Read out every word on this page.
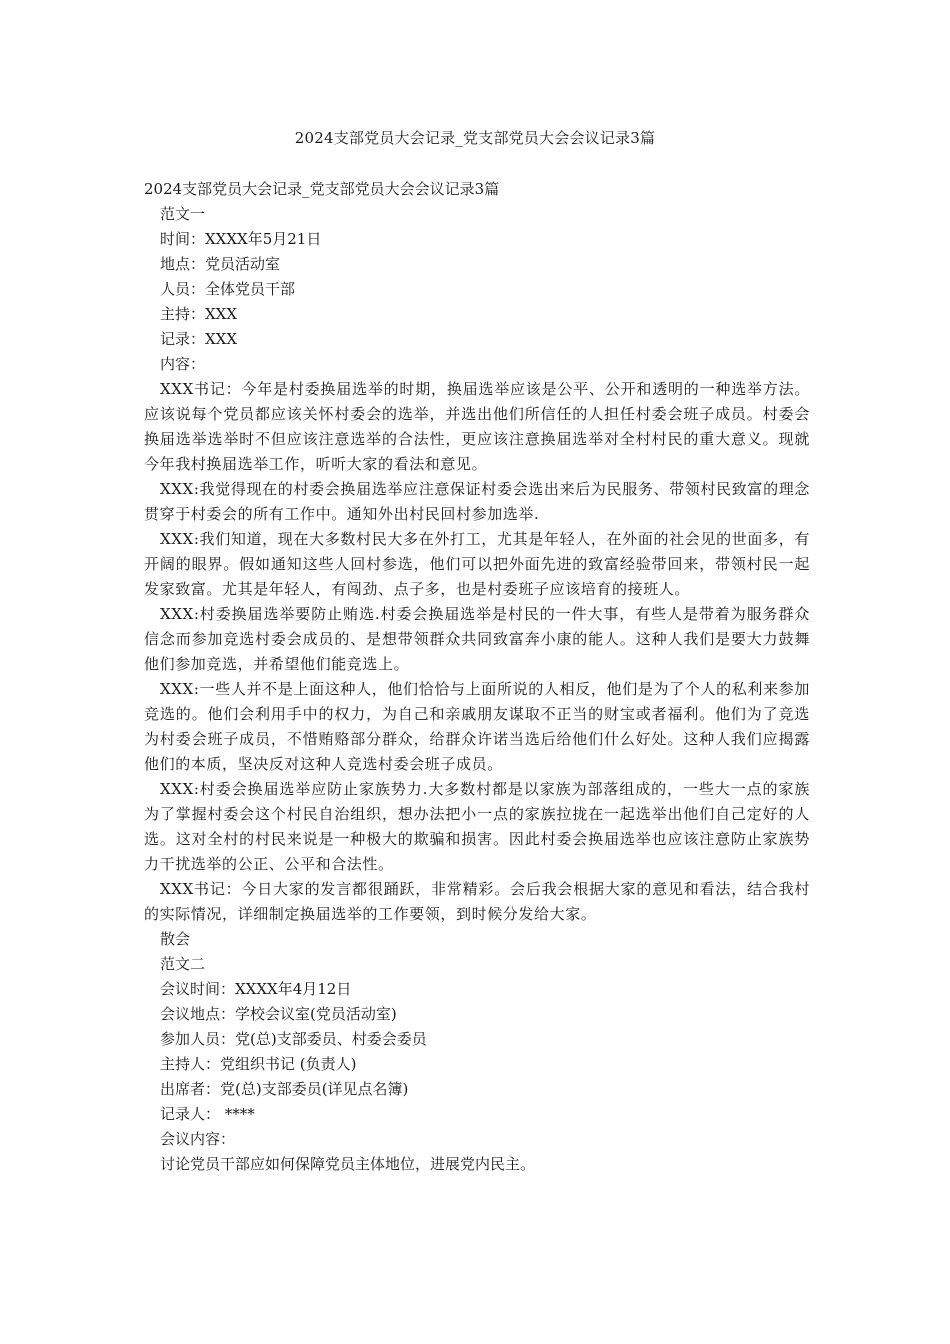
2024支部党员大会记录_党支部党员大会会议记录3篇
2024支部党员大会记录_党支部党员大会会议记录3篇
范文一
时间：XXXX年5月21日
地点：党员活动室
人员：全体党员干部
主持：XXX
记录：XXX
内容：
XXX书记：今年是村委换届选举的时期，换届选举应该是公平、公开和透明的一种选举方法。应该说每个党员都应该关怀村委会的选举，并选出他们所信任的人担任村委会班子成员。村委会换届选举选举时不但应该注意选举的合法性，更应该注意换届选举对全村村民的重大意义。现就今年我村换届选举工作，听听大家的看法和意见。
XXX:我觉得现在的村委会换届选举应注意保证村委会选出来后为民服务、带领村民致富的理念贯穿于村委会的所有工作中。通知外出村民回村参加选举.
XXX:我们知道，现在大多数村民大多在外打工，尤其是年轻人，在外面的社会见的世面多，有开阔的眼界。假如通知这些人回村参选，他们可以把外面先进的致富经验带回来，带领村民一起发家致富。尤其是年轻人，有闯劲、点子多，也是村委班子应该培育的接班人。
XXX:村委换届选举要防止贿选.村委会换届选举是村民的一件大事，有些人是带着为服务群众信念而参加竞选村委会成员的、是想带领群众共同致富奔小康的能人。这种人我们是要大力鼓舞他们参加竞选，并希望他们能竞选上。
XXX:一些人并不是上面这种人，他们恰恰与上面所说的人相反，他们是为了个人的私利来参加竞选的。他们会利用手中的权力，为自己和亲戚朋友谋取不正当的财宝或者福利。他们为了竞选为村委会班子成员，不惜贿赂部分群众，给群众许诺当选后给他们什么好处。这种人我们应揭露他们的本质，坚决反对这种人竞选村委会班子成员。
XXX:村委会换届选举应防止家族势力.大多数村都是以家族为部落组成的，一些大一点的家族为了掌握村委会这个村民自治组织，想办法把小一点的家族拉拢在一起选举出他们自己定好的人选。这对全村的村民来说是一种极大的欺骗和损害。因此村委会换届选举也应该注意防止家族势力干扰选举的公正、公平和合法性。
XXX书记：今日大家的发言都很踊跃，非常精彩。会后我会根据大家的意见和看法，结合我村的实际情况，详细制定换届选举的工作要领，到时候分发给大家。
散会
范文二
会议时间：XXXX年4月12日
会议地点：学校会议室(党员活动室)
参加人员：党(总)支部委员、村委会委员
主持人：党组织书记 (负责人)
出席者：党(总)支部委员(详见点名簿)
记录人： ****
会议内容：
讨论党员干部应如何保障党员主体地位，进展党内民主。
